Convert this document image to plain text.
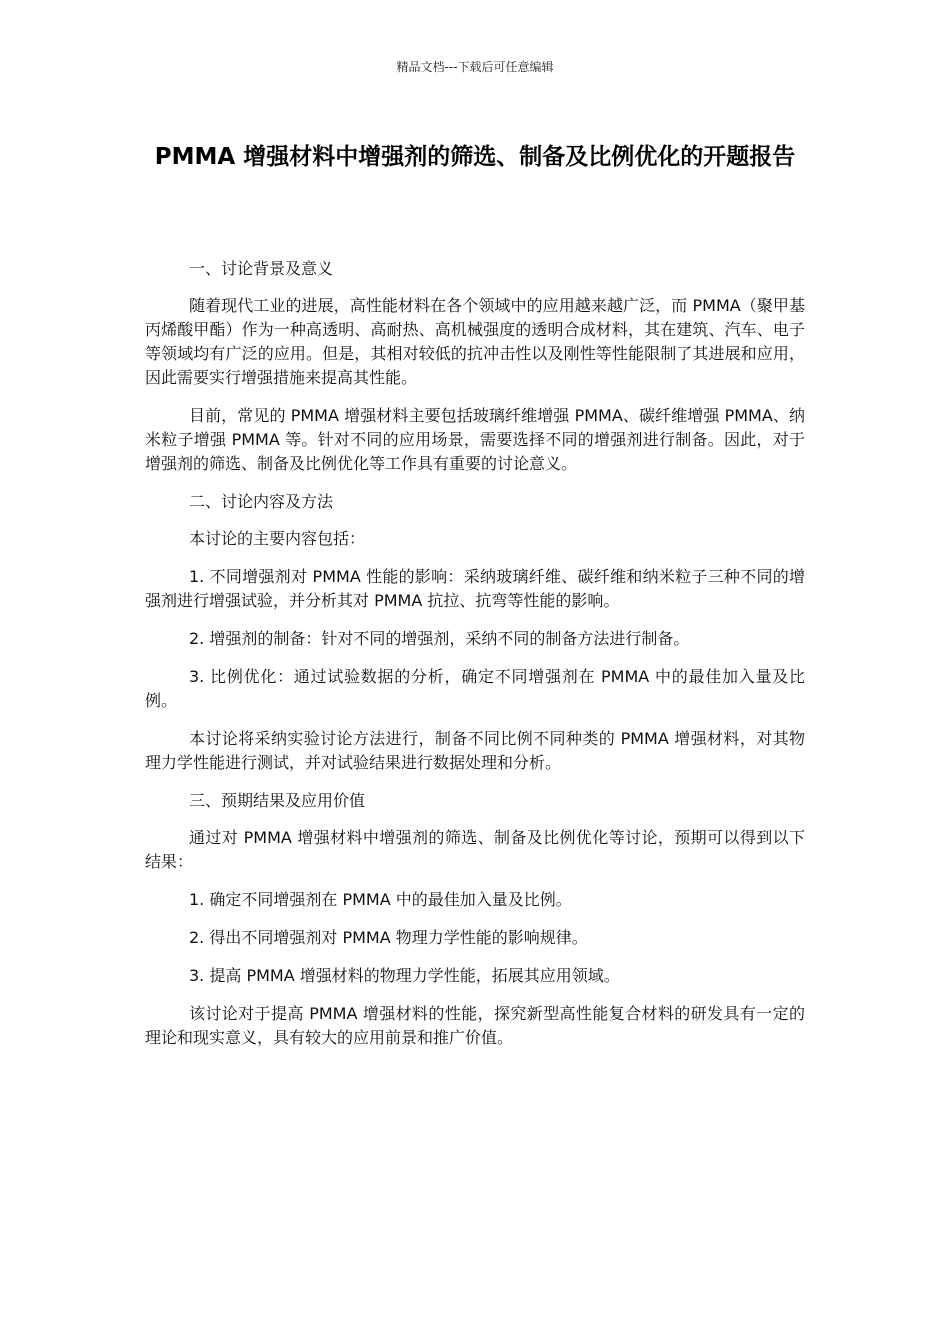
精品文档---下载后可任意编辑
PMMA 增强材料中增强剂的筛选、制备及比例优化的开题报告

一、讨论背景及意义

随着现代工业的进展，高性能材料在各个领域中的应用越来越广泛，而 PMMA（聚甲基丙烯酸甲酯）作为一种高透明、高耐热、高机械强度的透明合成材料，其在建筑、汽车、电子等领域均有广泛的应用。但是，其相对较低的抗冲击性以及刚性等性能限制了其进展和应用，因此需要实行增强措施来提高其性能。

目前，常见的 PMMA 增强材料主要包括玻璃纤维增强 PMMA、碳纤维增强 PMMA、纳米粒子增强 PMMA 等。针对不同的应用场景，需要选择不同的增强剂进行制备。因此，对于增强剂的筛选、制备及比例优化等工作具有重要的讨论意义。

二、讨论内容及方法

本讨论的主要内容包括：

1. 不同增强剂对 PMMA 性能的影响：采纳玻璃纤维、碳纤维和纳米粒子三种不同的增强剂进行增强试验，并分析其对 PMMA 抗拉、抗弯等性能的影响。

2. 增强剂的制备：针对不同的增强剂，采纳不同的制备方法进行制备。

3. 比例优化：通过试验数据的分析，确定不同增强剂在 PMMA 中的最佳加入量及比例。

本讨论将采纳实验讨论方法进行，制备不同比例不同种类的 PMMA 增强材料，对其物理力学性能进行测试，并对试验结果进行数据处理和分析。

三、预期结果及应用价值

通过对 PMMA 增强材料中增强剂的筛选、制备及比例优化等讨论，预期可以得到以下结果：

1. 确定不同增强剂在 PMMA 中的最佳加入量及比例。

2. 得出不同增强剂对 PMMA 物理力学性能的影响规律。

3. 提高 PMMA 增强材料的物理力学性能，拓展其应用领域。

该讨论对于提高 PMMA 增强材料的性能，探究新型高性能复合材料的研发具有一定的理论和现实意义，具有较大的应用前景和推广价值。
